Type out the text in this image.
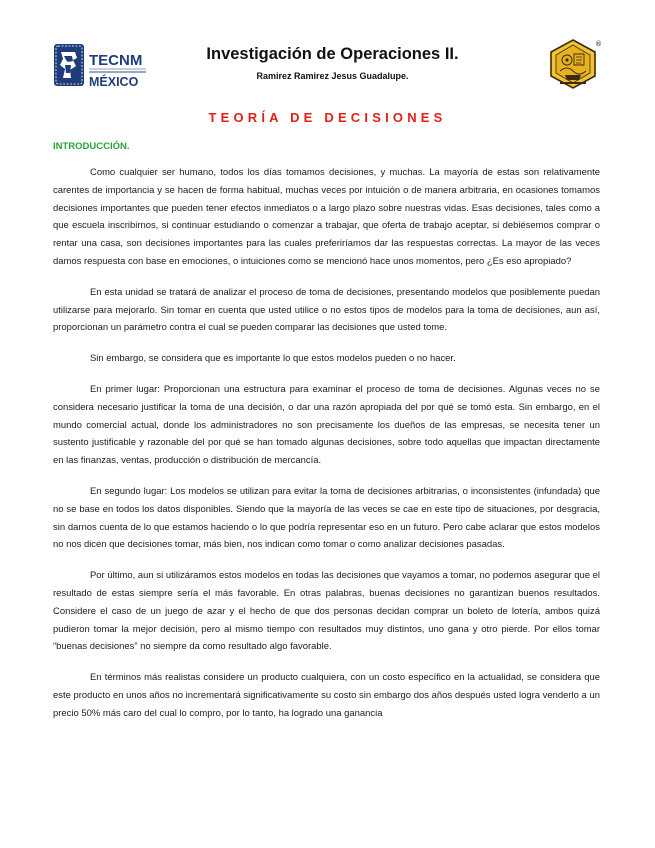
TECNM
MÉXICO
Investigación de Operaciones II.
Ramirez Ramirez Jesus Guadalupe.
®
TEORÍA DE DECISIONES
INTRODUCCIÓN.

Como cualquier ser humano, todos los días tomamos decisiones, y muchas. La mayoría de estas son relativamente carentes de importancia y se hacen de forma habitual, muchas veces por intuición o de manera arbitraria, en ocasiones tomamos decisiones importantes que pueden tener efectos inmediatos o a largo plazo sobre nuestras vidas. Esas decisiones, tales como a que escuela inscribirnos, si continuar estudiando o comenzar a trabajar, que oferta de trabajo aceptar, si debiésemos comprar o rentar una casa, son decisiones importantes para las cuales preferiríamos dar las respuestas correctas. La mayor de las veces damos respuesta con base en emociones, o intuiciones como se mencionó hace unos momentos, pero ¿Es eso apropiado?

En esta unidad se tratará de analizar el proceso de toma de decisiones, presentando modelos que posiblemente puedan utilizarse para mejorarlo. Sin tomar en cuenta que usted utilice o no estos tipos de modelos para la toma de decisiones, aun así, proporcionan un parámetro contra el cual se pueden comparar las decisiones que usted tome.

Sin embargo, se considera que es importante lo que estos modelos pueden o no hacer.

En primer lugar: Proporcionan una estructura para examinar el proceso de toma de decisiones. Algunas veces no se considera necesario justificar la toma de una decisión, o dar una razón apropiada del por qué se tomó esta. Sin embargo, en el mundo comercial actual, donde los administradores no son precisamente los dueños de las empresas, se necesita tener un sustento justificable y razonable del por qué se han tomado algunas decisiones, sobre todo aquellas que impactan directamente en las finanzas, ventas, producción o distribución de mercancía.

En segundo lugar: Los modelos se utilizan para evitar la toma de decisiones arbitrarias, o inconsistentes (infundada) que no se base en todos los datos disponibles. Siendo que la mayoría de las veces se cae en este tipo de situaciones, por desgracia, sin darnos cuenta de lo que estamos haciendo o lo que podría representar eso en un futuro. Pero cabe aclarar que estos modelos no nos dicen que decisiones tomar, más bien, nos indican como tomar o como analizar decisiones pasadas.

Por último, aun si utilizáramos estos modelos en todas las decisiones que vayamos a tomar, no podemos asegurar que el resultado de estas siempre sería el más favorable. En otras palabras, buenas decisiones no garantizan buenos resultados. Considere el caso de un juego de azar y el hecho de que dos personas decidan comprar un boleto de lotería, ambos quizá pudieron tomar la mejor decisión, pero al mismo tiempo con resultados muy distintos, uno gana y otro pierde. Por ellos tomar “buenas decisiones” no siempre da como resultado algo favorable.

En términos más realistas considere un producto cualquiera, con un costo específico en la actualidad, se considera que este producto en unos años no incrementará significativamente su costo sin embargo dos años después usted logra venderlo a un precio 50% más caro del cual lo compro, por lo tanto, ha logrado una ganancia
